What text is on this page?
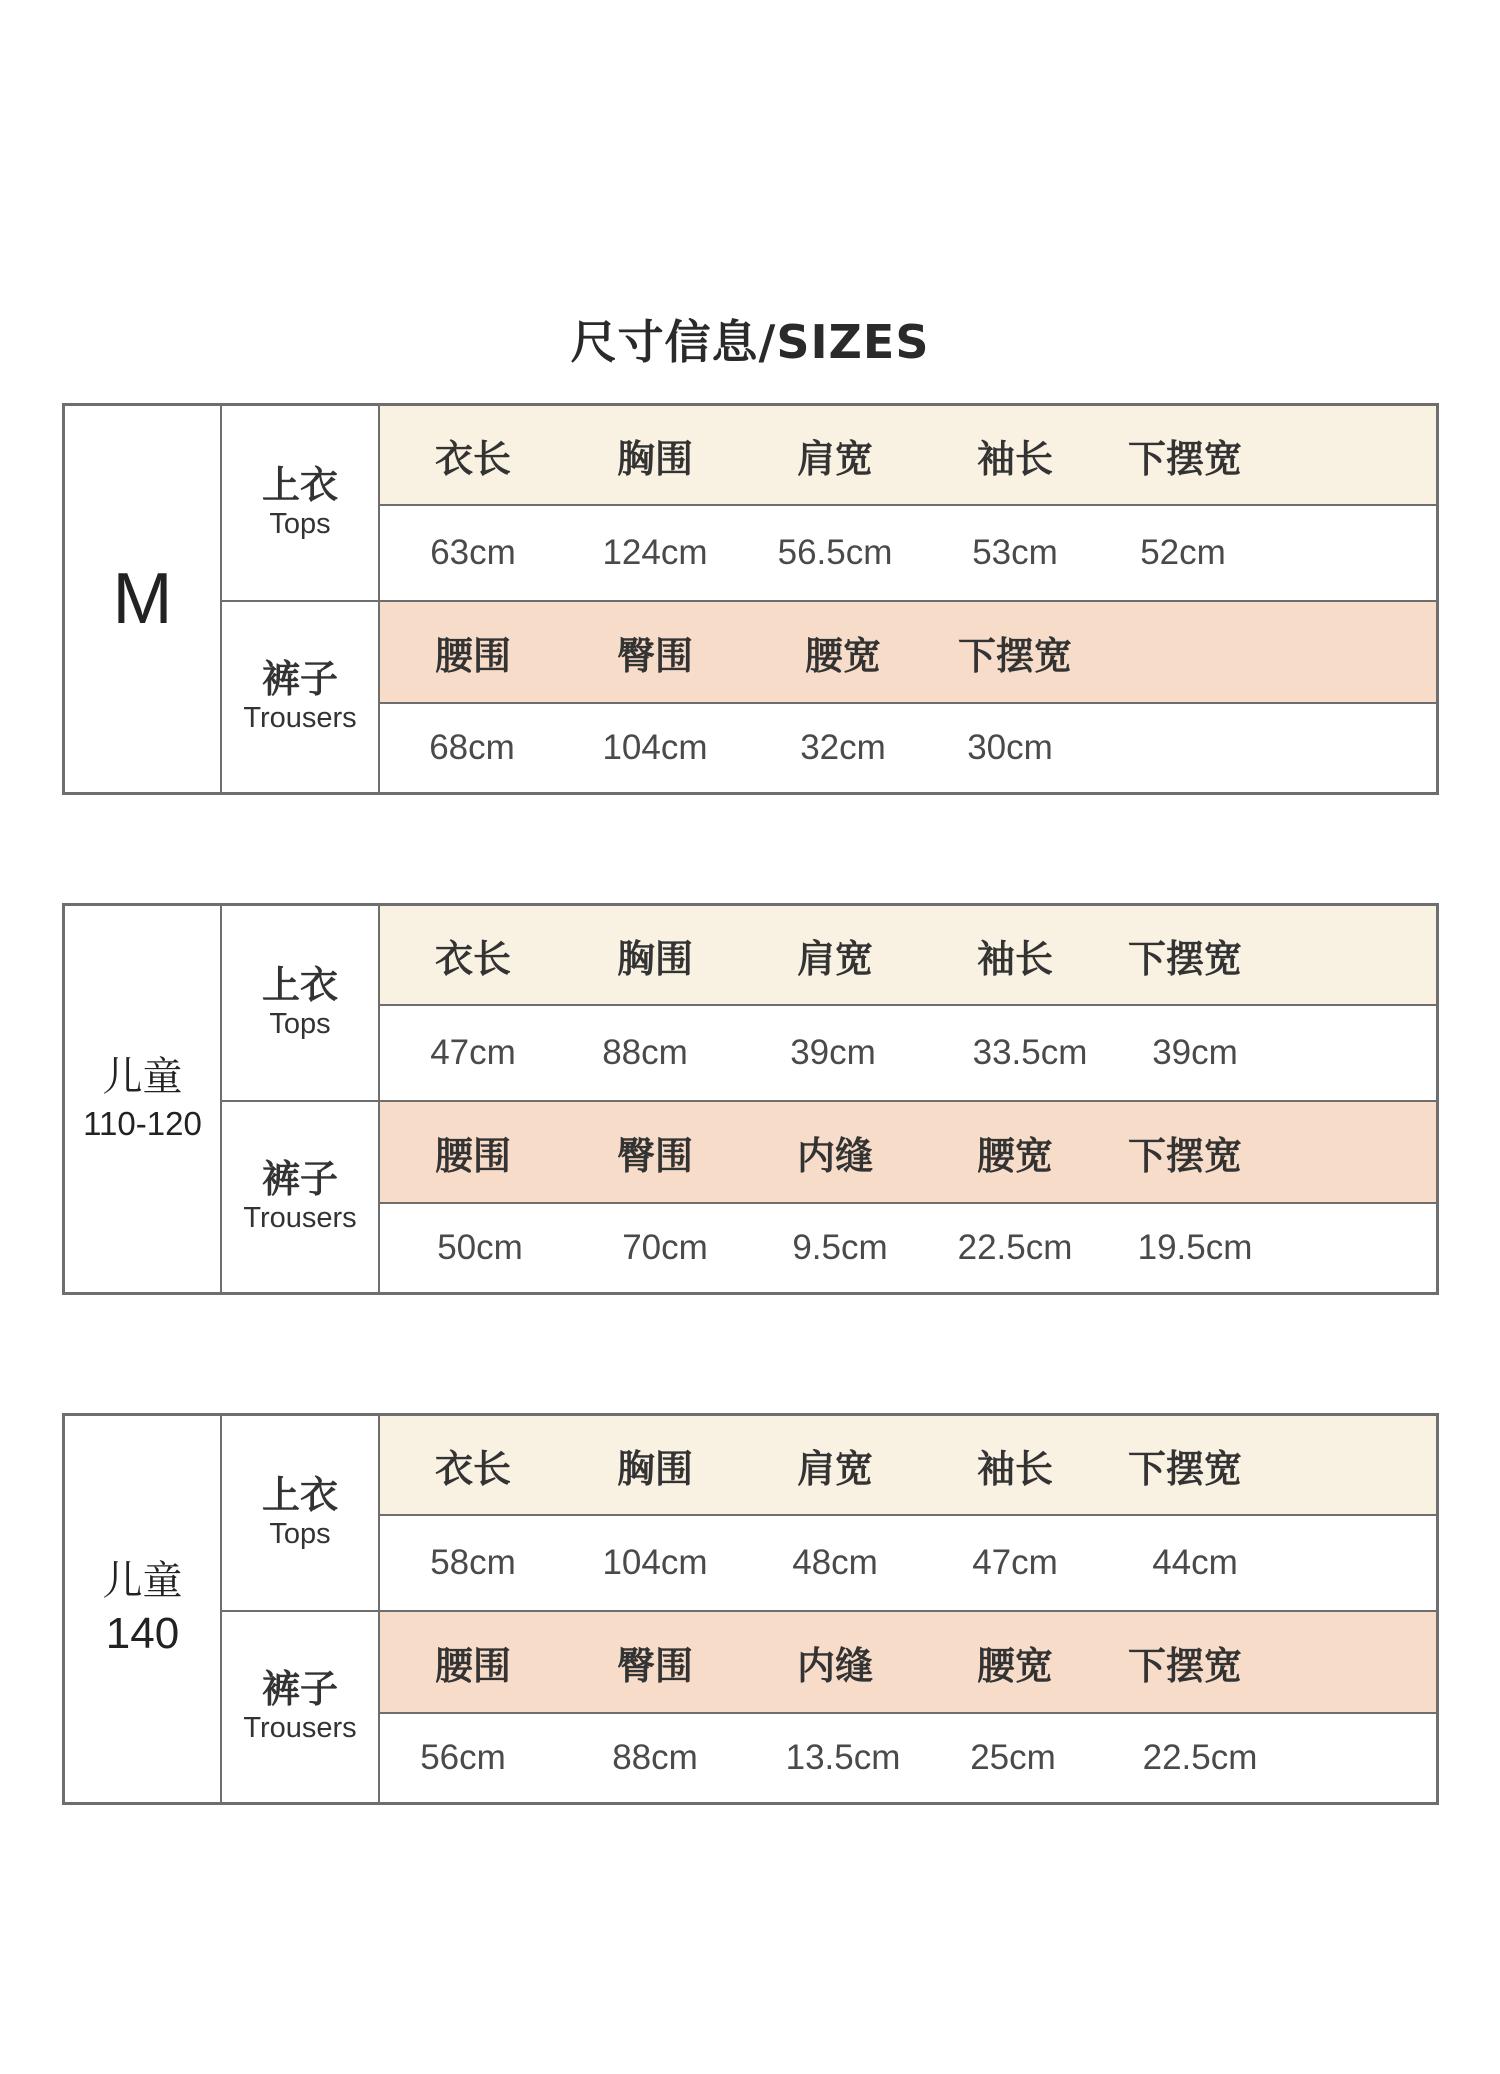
尺寸信息/SIZES
M
上衣
Tops
裤子
Trousers
衣长	胸围	肩宽	袖长	下摆宽
63cm	124cm	56.5cm	53cm	52cm
腰围	臀围	腰宽	下摆宽
68cm	104cm	32cm	30cm
儿童
110-120
上衣
Tops
裤子
Trousers
衣长	胸围	肩宽	袖长	下摆宽
47cm	88cm	39cm	33.5cm	39cm
腰围	臀围	内缝	腰宽	下摆宽
50cm	70cm	9.5cm	22.5cm	19.5cm
儿童
140
上衣
Tops
裤子
Trousers
衣长	胸围	肩宽	袖长	下摆宽
58cm	104cm	48cm	47cm	44cm
腰围	臀围	内缝	腰宽	下摆宽
56cm	88cm	13.5cm	25cm	22.5cm
